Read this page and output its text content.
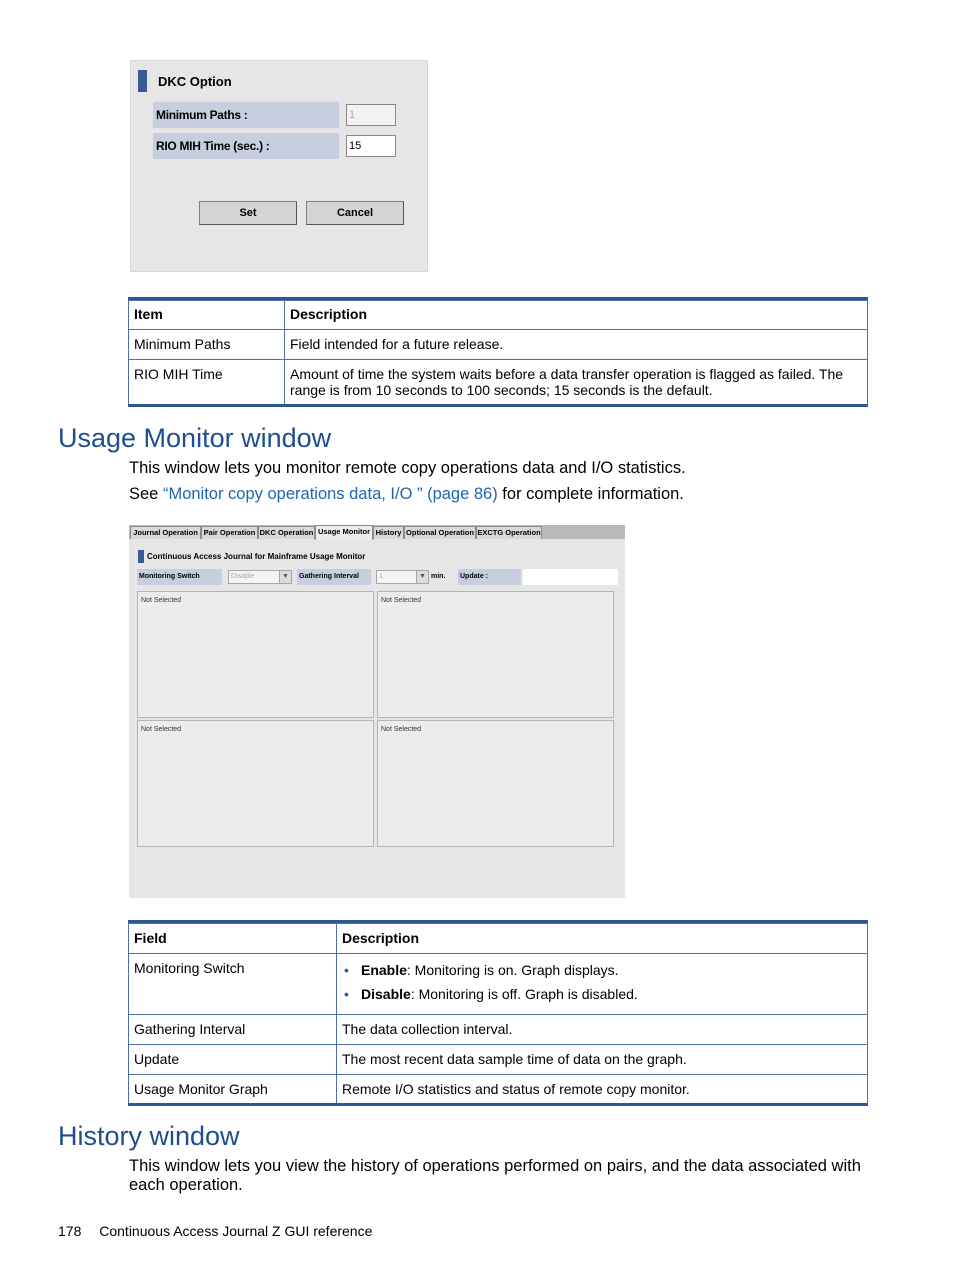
DKC Option
Minimum Paths :	1
RIO MIH Time (sec.) :	15
Set	Cancel
Item	Description
Minimum Paths	Field intended for a future release.
RIO MIH Time	Amount of time the system waits before a data transfer operation is flagged as failed. The range is from 10 seconds to 100 seconds; 15 seconds is the default.
Usage Monitor window

This window lets you monitor remote copy operations data and I/O statistics.

See “Monitor copy operations data, I/O ” (page 86) for complete information.

Journal Operation Pair Operation DKC Operation Usage Monitor History Optional Operation EXCTG Operation
Continuous Access Journal for Mainframe Usage Monitor
Monitoring Switch	Disable	▼ Gathering Interval	1	▼ min. Update :
Not Selected	Not Selected
Not Selected	Not Selected
Field	Description
Monitoring Switch	• Enable: Monitoring is on. Graph displays.
• Disable: Monitoring is off. Graph is disabled.

Gathering Interval	The data collection interval.
Update	The most recent data sample time of data on the graph.
Usage Monitor Graph	Remote I/O statistics and status of remote copy monitor.
History window

This window lets you view the history of operations performed on pairs, and the data associated with each operation.

178 Continuous Access Journal Z GUI reference
